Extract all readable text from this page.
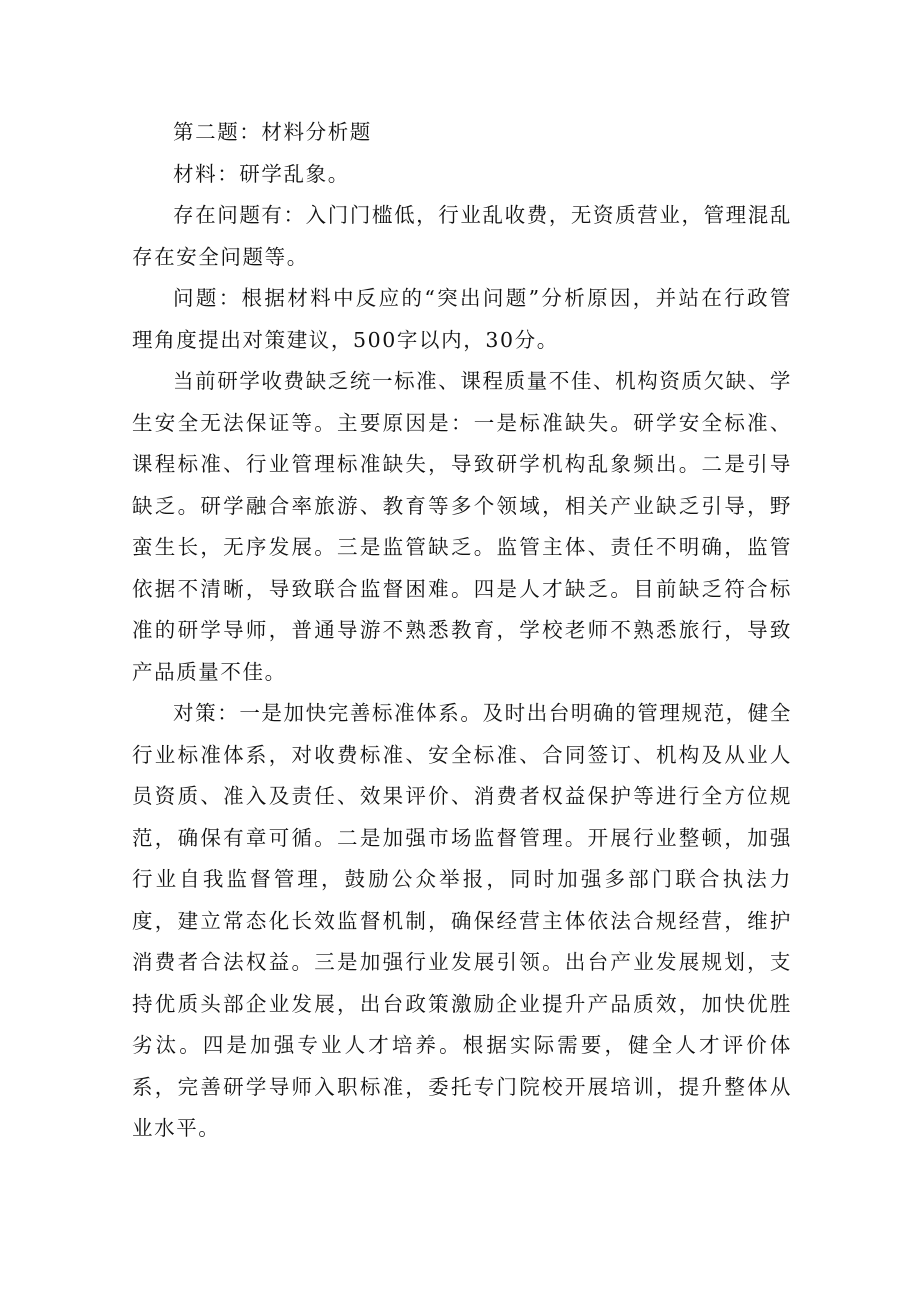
第二题：材料分析题

材料：研学乱象。

存在问题有：入门门槛低，行业乱收费，无资质营业，管理混乱存在安全问题等。

问题：根据材料中反应的“突出问题”分析原因，并站在行政管理角度提出对策建议，500字以内，30分。

当前研学收费缺乏统一标准、课程质量不佳、机构资质欠缺、学生安全无法保证等。主要原因是：一是标准缺失。研学安全标准、课程标准、行业管理标准缺失，导致研学机构乱象频出。二是引导缺乏。研学融合率旅游、教育等多个领域，相关产业缺乏引导，野蛮生长，无序发展。三是监管缺乏。监管主体、责任不明确，监管依据不清晰，导致联合监督困难。四是人才缺乏。目前缺乏符合标准的研学导师，普通导游不熟悉教育，学校老师不熟悉旅行，导致产品质量不佳。

对策：一是加快完善标准体系。及时出台明确的管理规范，健全行业标准体系，对收费标准、安全标准、合同签订、机构及从业人员资质、准入及责任、效果评价、消费者权益保护等进行全方位规范，确保有章可循。二是加强市场监督管理。开展行业整顿，加强行业自我监督管理，鼓励公众举报，同时加强多部门联合执法力度，建立常态化长效监督机制，确保经营主体依法合规经营，维护消费者合法权益。三是加强行业发展引领。出台产业发展规划，支持优质头部企业发展，出台政策激励企业提升产品质效，加快优胜劣汰。四是加强专业人才培养。根据实际需要，健全人才评价体系，完善研学导师入职标准，委托专门院校开展培训，提升整体从业水平。
